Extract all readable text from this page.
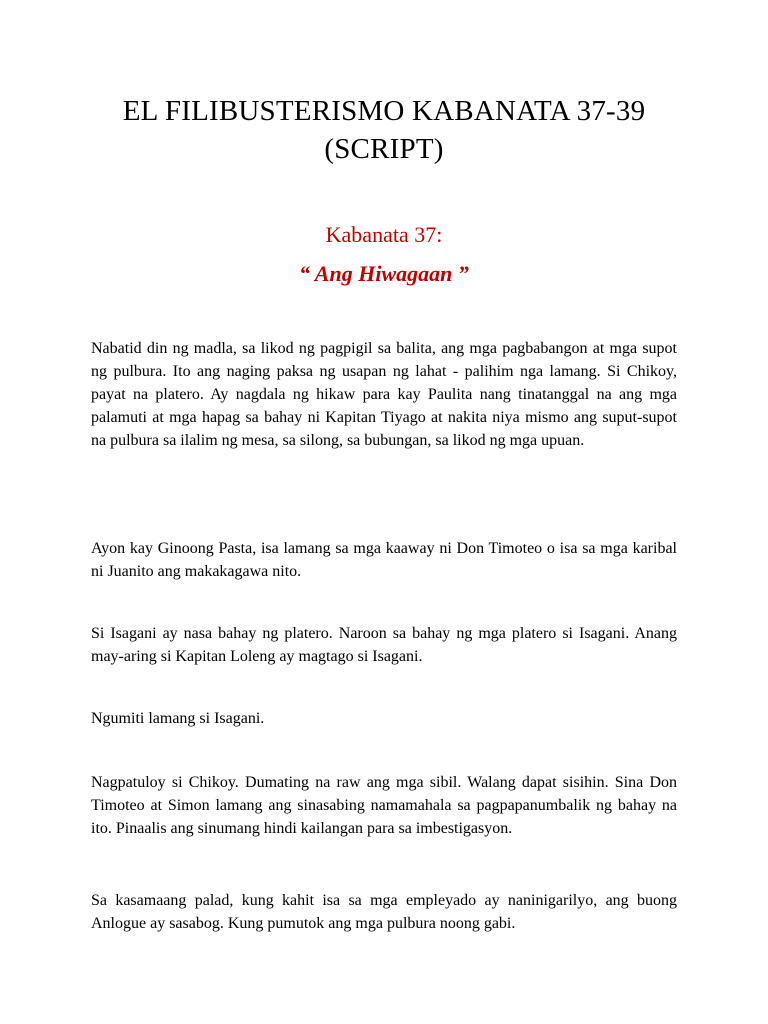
EL FILIBUSTERISMO KABANATA 37-39
(SCRIPT)
Kabanata 37:
“ Ang Hiwagaan ”

Nabatid din ng madla, sa likod ng pagpigil sa balita, ang mga pagbabangon at mga supot ng pulbura. Ito ang naging paksa ng usapan ng lahat - palihim nga lamang. Si Chikoy, payat na platero. Ay nagdala ng hikaw para kay Paulita nang tinatanggal na ang mga palamuti at mga hapag sa bahay ni Kapitan Tiyago at nakita niya mismo ang suput-supot na pulbura sa ilalim ng mesa, sa silong, sa bubungan, sa likod ng mga upuan.

Ayon kay Ginoong Pasta, isa lamang sa mga kaaway ni Don Timoteo o isa sa mga karibal ni Juanito ang makakagawa nito.

Si Isagani ay nasa bahay ng platero. Naroon sa bahay ng mga platero si Isagani. Anang may-aring si Kapitan Loleng ay magtago si Isagani.

Ngumiti lamang si Isagani.

Nagpatuloy si Chikoy. Dumating na raw ang mga sibil. Walang dapat sisihin. Sina Don Timoteo at Simon lamang ang sinasabing namamahala sa pagpapanumbalik ng bahay na ito. Pinaalis ang sinumang hindi kailangan para sa imbestigasyon.

Sa kasamaang palad, kung kahit isa sa mga empleyado ay naninigarilyo, ang buong Anlogue ay sasabog. Kung pumutok ang mga pulbura noong gabi.
